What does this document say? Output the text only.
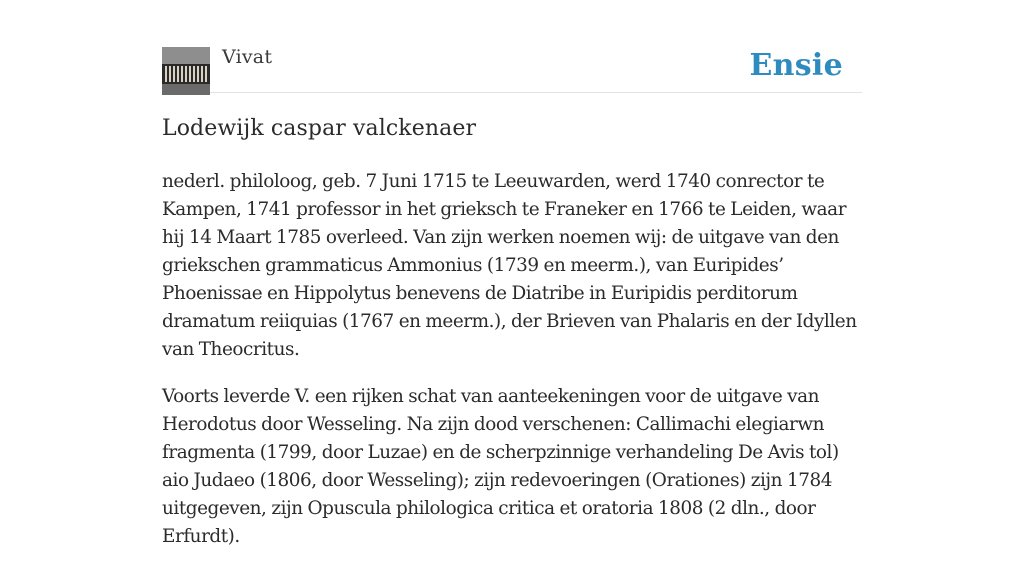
Vivat	Ensie
Lodewijk caspar valckenaer

nederl. philoloog, geb. 7 Juni 1715 te Leeuwarden, werd 1740 conrector te Kampen, 1741 professor in het grieksch te Franeker en 1766 te Leiden, waar hij 14 Maart 1785 overleed. Van zijn werken noemen wij: de uitgave van den griekschen grammaticus Ammonius (1739 en meerm.), van Euripides’ Phoenissae en Hippolytus benevens de Diatribe in Euripidis perditorum dramatum reiiquias (1767 en meerm.), der Brieven van Phalaris en der Idyllen van Theocritus.

Voorts leverde V. een rijken schat van aanteekeningen voor de uitgave van Herodotus door Wesseling. Na zijn dood verschenen: Callimachi elegiarwn fragmenta (1799, door Luzae) en de scherpzinnige verhandeling De Avis tol) aio Judaeo (1806, door Wesseling); zijn redevoeringen (Orationes) zijn 1784 uitgegeven, zijn Opuscula philologica critica et oratoria 1808 (2 dln., door Erfurdt).
